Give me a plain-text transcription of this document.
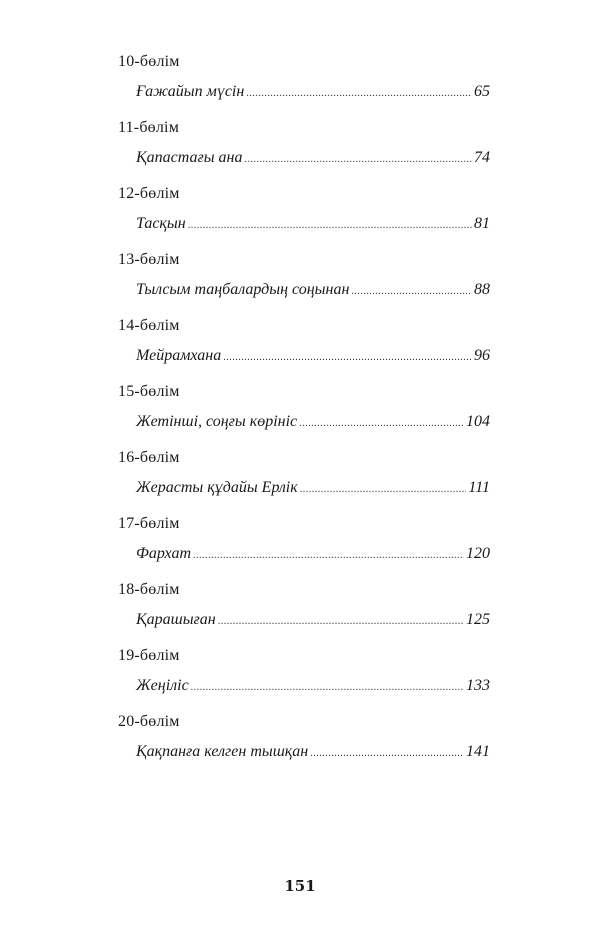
10-бөлім
Ғажайып мүсін .....	65
11-бөлім
Қапастағы ана .....	74
12-бөлім
Тасқын .....	81
13-бөлім
Тылсым таңбалардың соңынан .....	88
14-бөлім
Мейрамхана .....	96
15-бөлім
Жетінші, соңғы көрініс .....	104
16-бөлім
Жерасты құдайы Ерлік .....	111
17-бөлім
Фархат .....	120
18-бөлім
Қарашыған .....	125
19-бөлім
Жеңіліс .....	133
20-бөлім
Қақпанға келген тышқан .....	141
151
